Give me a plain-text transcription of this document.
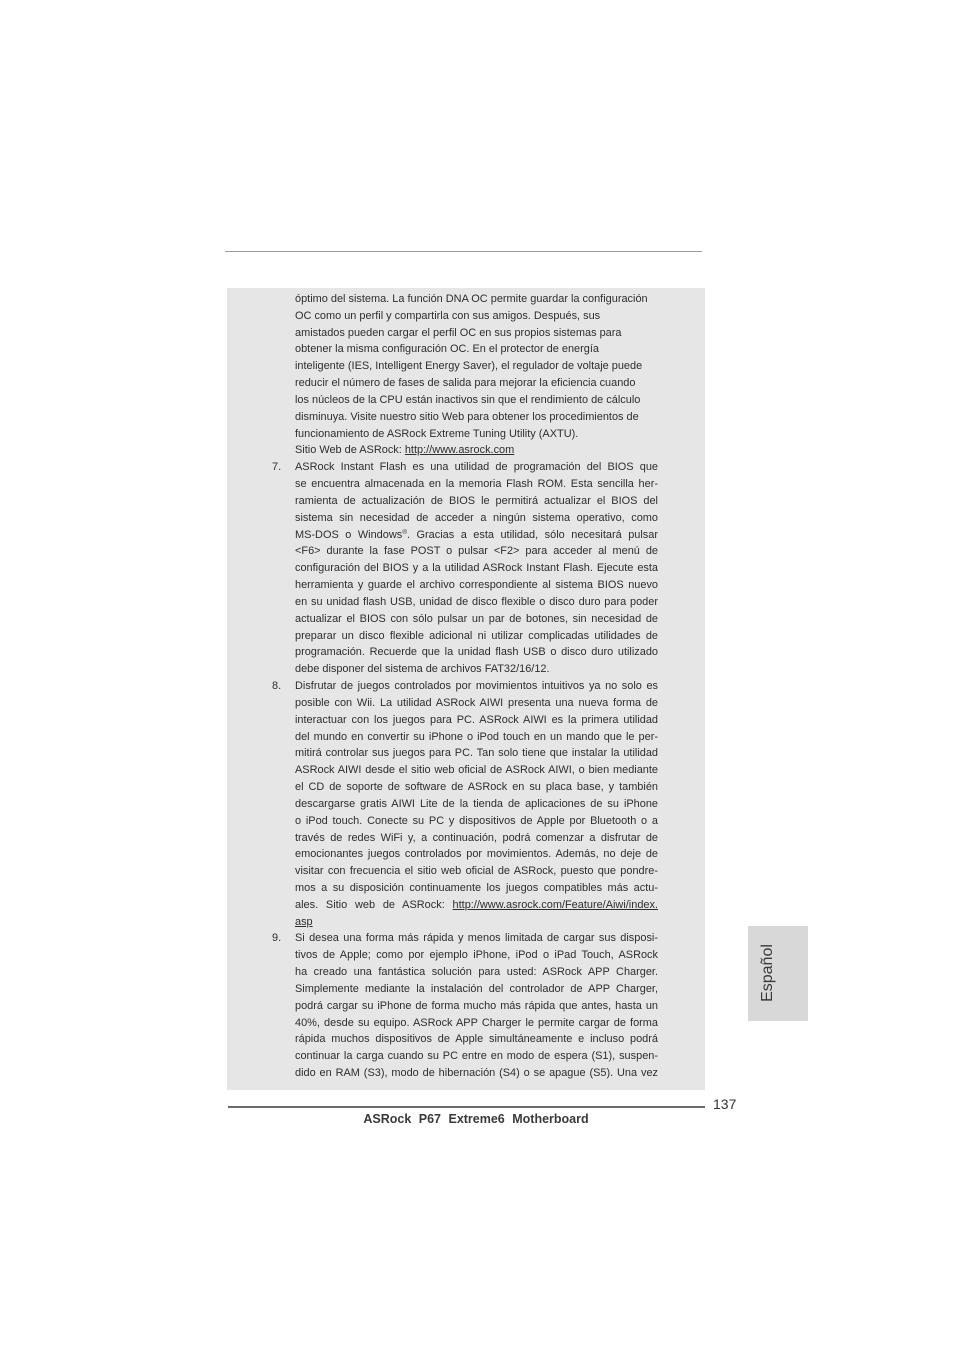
óptimo del sistema. La función DNA OC permite guardar la configuración
OC como un perfil y compartirla con sus amigos. Después, sus
amistados pueden cargar el perfil OC en sus propios sistemas para
obtener la misma configuración OC. En el protector de energía
inteligente (IES, Intelligent Energy Saver), el regulador de voltaje puede
reducir el número de fases de salida para mejorar la eficiencia cuando
los núcleos de la CPU están inactivos sin que el rendimiento de cálculo
disminuya. Visite nuestro sitio Web para obtener los procedimientos de
funcionamiento de ASRock Extreme Tuning Utility (AXTU).
Sitio Web de ASRock: http://www.asrock.com
7. ASRock Instant Flash es una utilidad de programación del BIOS que
se encuentra almacenada en la memoria Flash ROM. Esta sencilla her-
ramienta de actualización de BIOS le permitirá actualizar el BIOS del
sistema sin necesidad de acceder a ningún sistema operativo, como
MS-DOS o Windows®. Gracias a esta utilidad, sólo necesitará pulsar
<F6> durante la fase POST o pulsar <F2> para acceder al menú de
configuración del BIOS y a la utilidad ASRock Instant Flash. Ejecute esta
herramienta y guarde el archivo correspondiente al sistema BIOS nuevo
en su unidad flash USB, unidad de disco flexible o disco duro para poder
actualizar el BIOS con sólo pulsar un par de botones, sin necesidad de
preparar un disco flexible adicional ni utilizar complicadas utilidades de
programación. Recuerde que la unidad flash USB o disco duro utilizado
debe disponer del sistema de archivos FAT32/16/12.
8. Disfrutar de juegos controlados por movimientos intuitivos ya no solo es
posible con Wii. La utilidad ASRock AIWI presenta una nueva forma de
interactuar con los juegos para PC. ASRock AIWI es la primera utilidad
del mundo en convertir su iPhone o iPod touch en un mando que le per-
mitirá controlar sus juegos para PC. Tan solo tiene que instalar la utilidad
ASRock AIWI desde el sitio web oficial de ASRock AIWI, o bien mediante
el CD de soporte de software de ASRock en su placa base, y también
descargarse gratis AIWI Lite de la tienda de aplicaciones de su iPhone
o iPod touch. Conecte su PC y dispositivos de Apple por Bluetooth o a
través de redes WiFi y, a continuación, podrá comenzar a disfrutar de
emocionantes juegos controlados por movimientos. Además, no deje de
visitar con frecuencia el sitio web oficial de ASRock, puesto que pondre-
mos a su disposición continuamente los juegos compatibles más actu-
ales. Sitio web de ASRock: http://www.asrock.com/Feature/Aiwi/index.
asp
9. Si desea una forma más rápida y menos limitada de cargar sus disposi-
tivos de Apple; como por ejemplo iPhone, iPod o iPad Touch, ASRock
ha creado una fantástica solución para usted: ASRock APP Charger.
Simplemente mediante la instalación del controlador de APP Charger,
podrá cargar su iPhone de forma mucho más rápida que antes, hasta un
40%, desde su equipo. ASRock APP Charger le permite cargar de forma
rápida muchos dispositivos de Apple simultáneamente e incluso podrá
continuar la carga cuando su PC entre en modo de espera (S1), suspen-
dido en RAM (S3), modo de hibernación (S4) o se apague (S5). Una vez
Español
137
ASRock P67 Extreme6 Motherboard
